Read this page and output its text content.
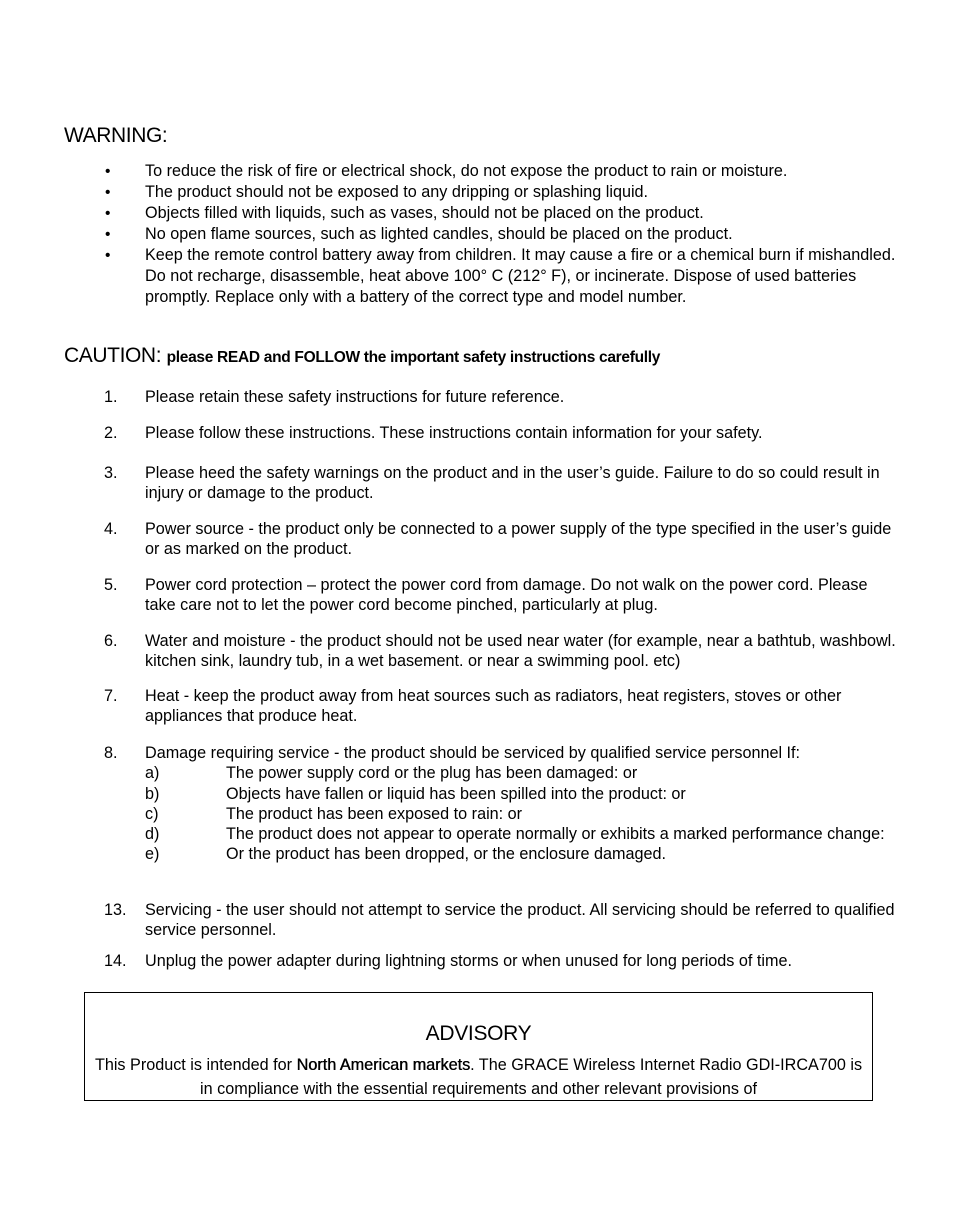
WARNING:
• To reduce the risk of fire or electrical shock, do not expose the product to rain or moisture.
• The product should not be exposed to any dripping or splashing liquid.
• Objects filled with liquids, such as vases, should not be placed on the product.
• No open flame sources, such as lighted candles, should be placed on the product.
• Keep the remote control battery away from children. It may cause a fire or a chemical burn if mishandled. Do not recharge, disassemble, heat above 100° C (212° F), or incinerate. Dispose of used batteries promptly. Replace only with a battery of the correct type and model number.
CAUTION: please READ and FOLLOW the important safety instructions carefully
1. Please retain these safety instructions for future reference.
2. Please follow these instructions. These instructions contain information for your safety.
3. Please heed the safety warnings on the product and in the user’s guide. Failure to do so could result in injury or damage to the product.
4. Power source - the product only be connected to a power supply of the type specified in the user’s guide or as marked on the product.
5. Power cord protection – protect the power cord from damage. Do not walk on the power cord. Please take care not to let the power cord become pinched, particularly at plug.
6. Water and moisture - the product should not be used near water (for example, near a bathtub, washbowl. kitchen sink, laundry tub, in a wet basement. or near a swimming pool. etc)
7. Heat - keep the product away from heat sources such as radiators, heat registers, stoves or other appliances that produce heat.
8. Damage requiring service - the product should be serviced by qualified service personnel If:
a)	The power supply cord or the plug has been damaged: or
b)	Objects have fallen or liquid has been spilled into the product: or
c)	The product has been exposed to rain: or
d)	The product does not appear to operate normally or exhibits a marked performance change:
e)	Or the product has been dropped, or the enclosure damaged.
13. Servicing - the user should not attempt to service the product. All servicing should be referred to qualified service personnel.
14. Unplug the power adapter during lightning storms or when unused for long periods of time.
ADVISORY
This Product is intended for North American markets. The GRACE Wireless Internet Radio GDI-IRCA700 is in compliance with the essential requirements and other relevant provisions of
